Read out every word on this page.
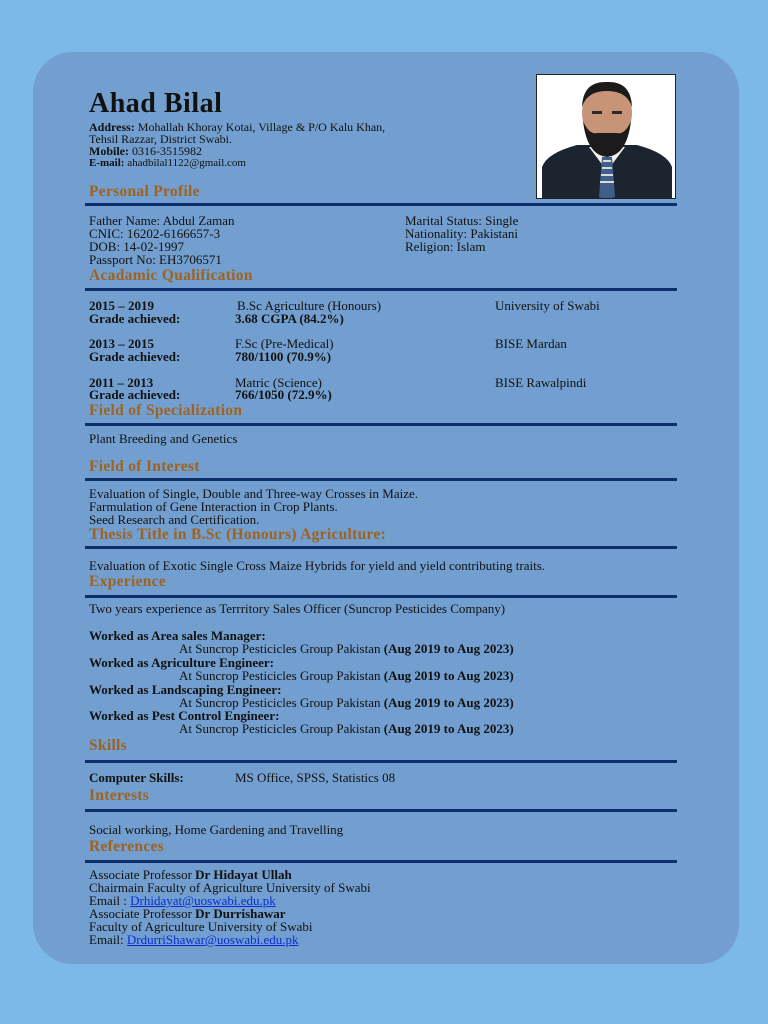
Ahad Bilal
Address: Mohallah Khoray Kotai, Village & P/O Kalu Khan,
Tehsil Razzar, District Swabi.
Mobile: 0316-3515982
E-mail: ahadbilal1122@gmail.com
Personal Profile
Father Name: Abdul Zaman
CNIC: 16202-6166657-3
DOB: 14-02-1997
Passport No: EH3706571
Marital Status: Single
Nationality: Pakistani
Religion: Islam
Acadamic Qualification
2015 – 2019	B.Sc Agriculture (Honours)	University of Swabi
Grade achieved:	3.68 CGPA (84.2%)
2013 – 2015	F.Sc (Pre-Medical)	BISE Mardan
Grade achieved:	780/1100 (70.9%)
2011 – 2013	Matric (Science)	BISE Rawalpindi
Grade achieved:	766/1050 (72.9%)
Field of Specialization
Plant Breeding and Genetics
Field of Interest
Evaluation of Single, Double and Three-way Crosses in Maize.
Farmulation of Gene Interaction in Crop Plants.
Seed Research and Certification.
Thesis Title in B.Sc (Honours) Agriculture:
Evaluation of Exotic Single Cross Maize Hybrids for yield and yield contributing traits.
Experience
Two years experience as Terrritory Sales Officer (Suncrop Pesticides Company)
Worked as Area sales Manager:
At Suncrop Pesticicles Group Pakistan (Aug 2019 to Aug 2023)
Worked as Agriculture Engineer:
At Suncrop Pesticicles Group Pakistan (Aug 2019 to Aug 2023)
Worked as Landscaping Engineer:
At Suncrop Pesticicles Group Pakistan (Aug 2019 to Aug 2023)
Worked as Pest Control Engineer:
At Suncrop Pesticicles Group Pakistan (Aug 2019 to Aug 2023)
Skills
Computer Skills:	MS Office, SPSS, Statistics 08
Interests
Social working, Home Gardening and Travelling
References
Associate Professor Dr Hidayat Ullah
Chairmain Faculty of Agriculture University of Swabi
Email : Drhidayat@uoswabi.edu.pk
Associate Professor Dr Durrishawar
Faculty of Agriculture University of Swabi
Email: DrdurriShawar@uoswabi.edu.pk
